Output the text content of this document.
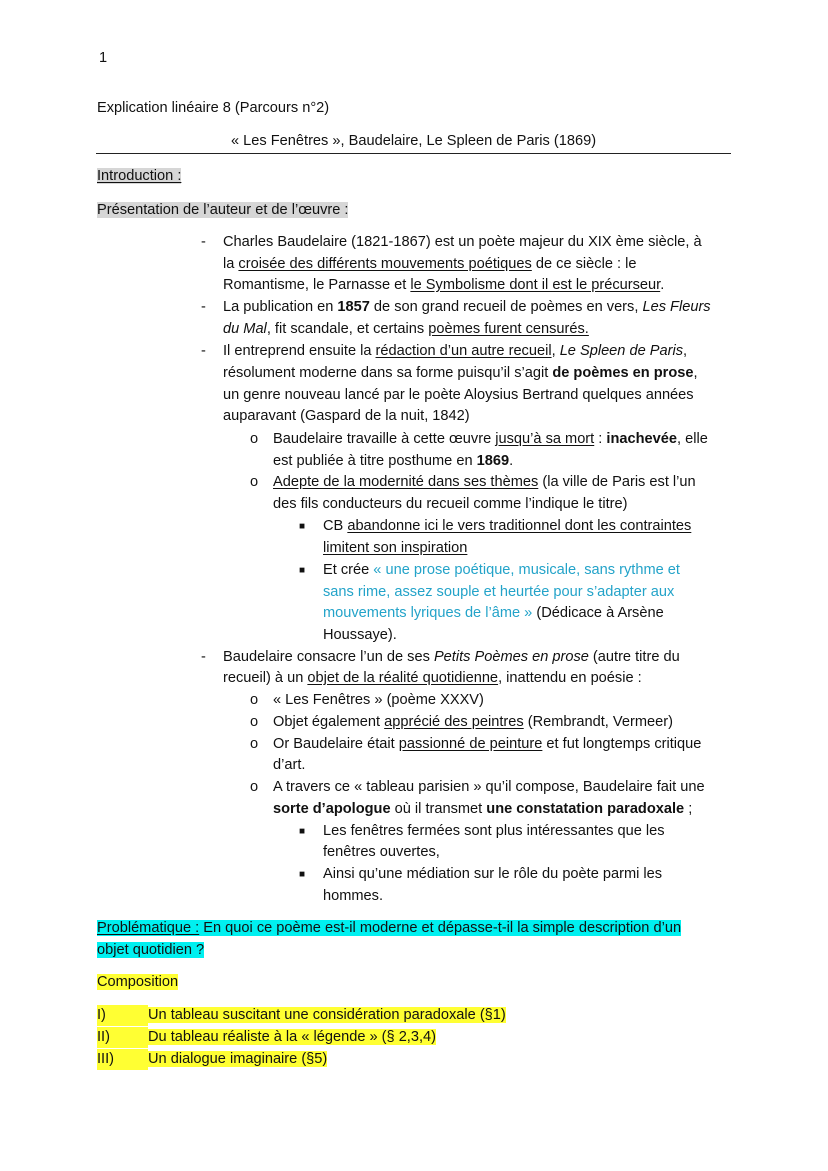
1
Explication linéaire 8 (Parcours n°2)
« Les Fenêtres », Baudelaire, Le Spleen de Paris (1869)
Introduction :
Présentation de l’auteur et de l’œuvre :
- Charles Baudelaire (1821-1867) est un poète majeur du XIX ème siècle, à
la croisée des différents mouvements poétiques de ce siècle : le
Romantisme, le Parnasse et le Symbolisme dont il est le précurseur.
- La publication en 1857 de son grand recueil de poèmes en vers, Les Fleurs
du Mal, fit scandale, et certains poèmes furent censurés.
- Il entreprend ensuite la rédaction d’un autre recueil, Le Spleen de Paris,
résolument moderne dans sa forme puisqu’il s’agit de poèmes en prose,
un genre nouveau lancé par le poète Aloysius Bertrand quelques années
auparavant (Gaspard de la nuit, 1842)
o Baudelaire travaille à cette œuvre jusqu’à sa mort : inachevée, elle
est publiée à titre posthume en 1869.
o Adepte de la modernité dans ses thèmes (la ville de Paris est l’un
des fils conducteurs du recueil comme l’indique le titre)
■ CB abandonne ici le vers traditionnel dont les contraintes
limitent son inspiration
■ Et crée « une prose poétique, musicale, sans rythme et
sans rime, assez souple et heurtée pour s’adapter aux
mouvements lyriques de l’âme » (Dédicace à Arsène
Houssaye).
- Baudelaire consacre l’un de ses Petits Poèmes en prose (autre titre du
recueil) à un objet de la réalité quotidienne, inattendu en poésie :
o « Les Fenêtres » (poème XXXV)
o Objet également apprécié des peintres (Rembrandt, Vermeer)
o Or Baudelaire était passionné de peinture et fut longtemps critique
d’art.
o A travers ce « tableau parisien » qu’il compose, Baudelaire fait une
sorte d’apologue où il transmet une constatation paradoxale ;
■ Les fenêtres fermées sont plus intéressantes que les
fenêtres ouvertes,
■ Ainsi qu’une médiation sur le rôle du poète parmi les
hommes.
Problématique : En quoi ce poème est-il moderne et dépasse-t-il la simple description d’un
objet quotidien ?
Composition
I)	Un tableau suscitant une considération paradoxale (§1)
II)	Du tableau réaliste à la « légende » (§ 2,3,4)
III) Un dialogue imaginaire (§5)
